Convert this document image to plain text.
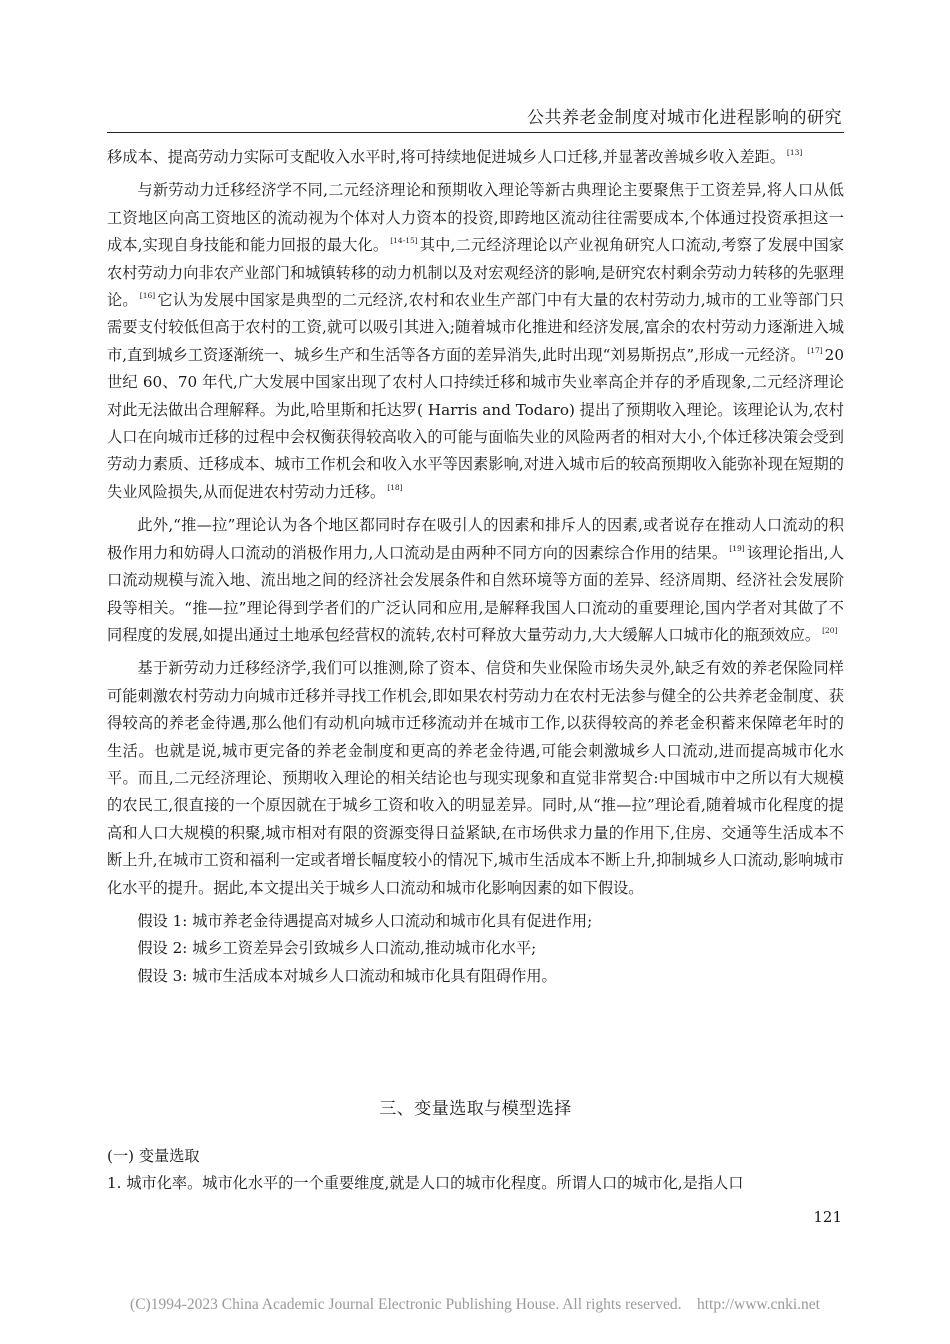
公共养老金制度对城市化进程影响的研究

移成本、提高劳动力实际可支配收入水平时,将可持续地促进城乡人口迁移,并显著改善城乡收入差距。 [13]

与新劳动力迁移经济学不同,二元经济理论和预期收入理论等新古典理论主要聚焦于工资差异,将人口从低工资地区向高工资地区的流动视为个体对人力资本的投资,即跨地区流动往往需要成本,个体通过投资承担这一成本,实现自身技能和能力回报的最大化。 [14-15] 其中,二元经济理论以产业视角研究人口流动,考察了发展中国家农村劳动力向非农产业部门和城镇转移的动力机制以及对宏观经济的影响,是研究农村剩余劳动力转移的先驱理论。 [16] 它认为发展中国家是典型的二元经济,农村和农业生产部门中有大量的农村劳动力,城市的工业等部门只需要支付较低但高于农村的工资,就可以吸引其进入;随着城市化推进和经济发展,富余的农村劳动力逐渐进入城市,直到城乡工资逐渐统一、城乡生产和生活等各方面的差异消失,此时出现“刘易斯拐点”,形成一元经济。 [17] 20 世纪 60、70 年代,广大发展中国家出现了农村人口持续迁移和城市失业率高企并存的矛盾现象,二元经济理论对此无法做出合理解释。为此,哈里斯和托达罗( Harris and Todaro) 提出了预期收入理论。该理论认为,农村人口在向城市迁移的过程中会权衡获得较高收入的可能与面临失业的风险两者的相对大小,个体迁移决策会受到劳动力素质、迁移成本、城市工作机会和收入水平等因素影响,对进入城市后的较高预期收入能弥补现在短期的失业风险损失,从而促进农村劳动力迁移。 [18]

此外,“推—拉”理论认为各个地区都同时存在吸引人的因素和排斥人的因素,或者说存在推动人口流动的积极作用力和妨碍人口流动的消极作用力,人口流动是由两种不同方向的因素综合作用的结果。 [19] 该理论指出,人口流动规模与流入地、流出地之间的经济社会发展条件和自然环境等方面的差异、经济周期、经济社会发展阶段等相关。“推—拉”理论得到学者们的广泛认同和应用,是解释我国人口流动的重要理论,国内学者对其做了不同程度的发展,如提出通过土地承包经营权的流转,农村可释放大量劳动力,大大缓解人口城市化的瓶颈效应。 [20]

基于新劳动力迁移经济学,我们可以推测,除了资本、信贷和失业保险市场失灵外,缺乏有效的养老保险同样可能刺激农村劳动力向城市迁移并寻找工作机会,即如果农村劳动力在农村无法参与健全的公共养老金制度、获得较高的养老金待遇,那么他们有动机向城市迁移流动并在城市工作,以获得较高的养老金积蓄来保障老年时的生活。也就是说,城市更完备的养老金制度和更高的养老金待遇,可能会刺激城乡人口流动,进而提高城市化水平。而且,二元经济理论、预期收入理论的相关结论也与现实现象和直觉非常契合:中国城市中之所以有大规模的农民工,很直接的一个原因就在于城乡工资和收入的明显差异。同时,从“推—拉”理论看,随着城市化程度的提高和人口大规模的积聚,城市相对有限的资源变得日益紧缺,在市场供求力量的作用下,住房、交通等生活成本不断上升,在城市工资和福利一定或者增长幅度较小的情况下,城市生活成本不断上升,抑制城乡人口流动,影响城市化水平的提升。据此,本文提出关于城乡人口流动和城市化影响因素的如下假设。

假设 1: 城市养老金待遇提高对城乡人口流动和城市化具有促进作用;

假设 2: 城乡工资差异会引致城乡人口流动,推动城市化水平;

假设 3: 城市生活成本对城乡人口流动和城市化具有阻碍作用。

三、变量选取与模型选择
(一) 变量选取
1. 城市化率。城市化水平的一个重要维度,就是人口的城市化程度。所谓人口的城市化,是指人口
121
(C)1994-2023 China Academic Journal Electronic Publishing House. All rights reserved. http://www.cnki.net
